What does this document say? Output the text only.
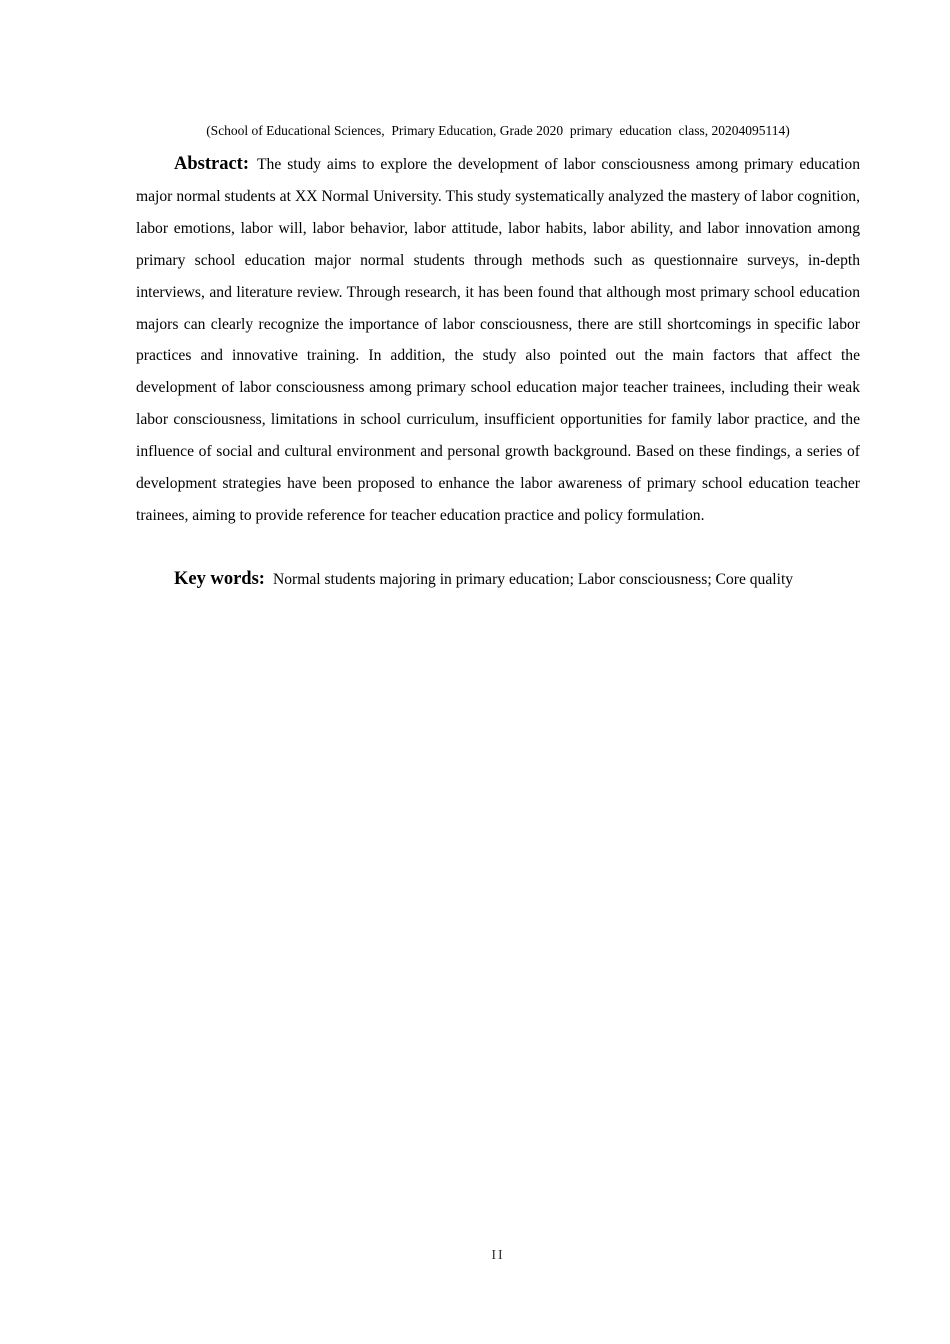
(School of Educational Sciences,  Primary Education, Grade 2020  primary  education  class, 20204095114)

Abstract: The study aims to explore the development of labor consciousness among primary education major normal students at XX Normal University. This study systematically analyzed the mastery of labor cognition, labor emotions, labor will, labor behavior, labor attitude, labor habits, labor ability, and labor innovation among primary school education major normal students through methods such as questionnaire surveys, in-depth interviews, and literature review. Through research, it has been found that although most primary school education majors can clearly recognize the importance of labor consciousness, there are still shortcomings in specific labor practices and innovative training. In addition, the study also pointed out the main factors that affect the development of labor consciousness among primary school education major teacher trainees, including their weak labor consciousness, limitations in school curriculum, insufficient opportunities for family labor practice, and the influence of social and cultural environment and personal growth background. Based on these findings, a series of development strategies have been proposed to enhance the labor awareness of primary school education teacher trainees, aiming to provide reference for teacher education practice and policy formulation.

Key words: Normal students majoring in primary education; Labor consciousness; Core quality

II
